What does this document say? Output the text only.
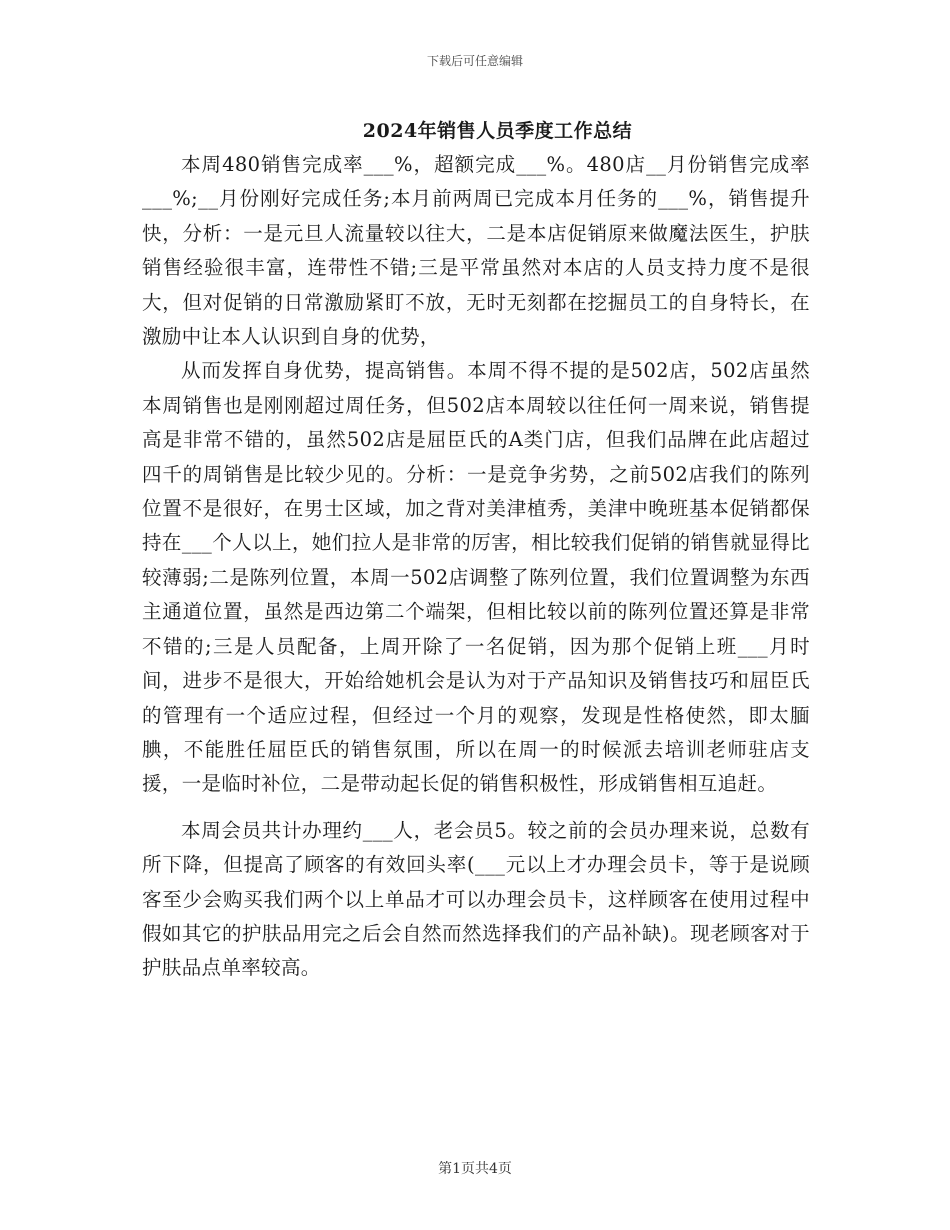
下载后可任意编辑
2024年销售人员季度工作总结

本周480销售完成率___%，超额完成___%。480店__月份销售完成率___%;__月份刚好完成任务;本月前两周已完成本月任务的___%，销售提升快，分析：一是元旦人流量较以往大，二是本店促销原来做魔法医生，护肤销售经验很丰富，连带性不错;三是平常虽然对本店的人员支持力度不是很大，但对促销的日常激励紧盯不放，无时无刻都在挖掘员工的自身特长，在激励中让本人认识到自身的优势，

从而发挥自身优势，提高销售。本周不得不提的是502店，502店虽然本周销售也是刚刚超过周任务，但502店本周较以往任何一周来说，销售提高是非常不错的，虽然502店是屈臣氏的A类门店，但我们品牌在此店超过四千的周销售是比较少见的。分析：一是竞争劣势，之前502店我们的陈列位置不是很好，在男士区域，加之背对美津植秀，美津中晚班基本促销都保持在___个人以上，她们拉人是非常的厉害，相比较我们促销的销售就显得比较薄弱;二是陈列位置，本周一502店调整了陈列位置，我们位置调整为东西主通道位置，虽然是西边第二个端架，但相比较以前的陈列位置还算是非常不错的;三是人员配备，上周开除了一名促销，因为那个促销上班___月时间，进步不是很大，开始给她机会是认为对于产品知识及销售技巧和屈臣氏的管理有一个适应过程，但经过一个月的观察，发现是性格使然，即太腼腆，不能胜任屈臣氏的销售氛围，所以在周一的时候派去培训老师驻店支援，一是临时补位，二是带动起长促的销售积极性，形成销售相互追赶。

本周会员共计办理约___人，老会员5。较之前的会员办理来说，总数有所下降，但提高了顾客的有效回头率(___元以上才办理会员卡，等于是说顾客至少会购买我们两个以上单品才可以办理会员卡，这样顾客在使用过程中假如其它的护肤品用完之后会自然而然选择我们的产品补缺)。现老顾客对于护肤品点单率较高。

第1页共4页
